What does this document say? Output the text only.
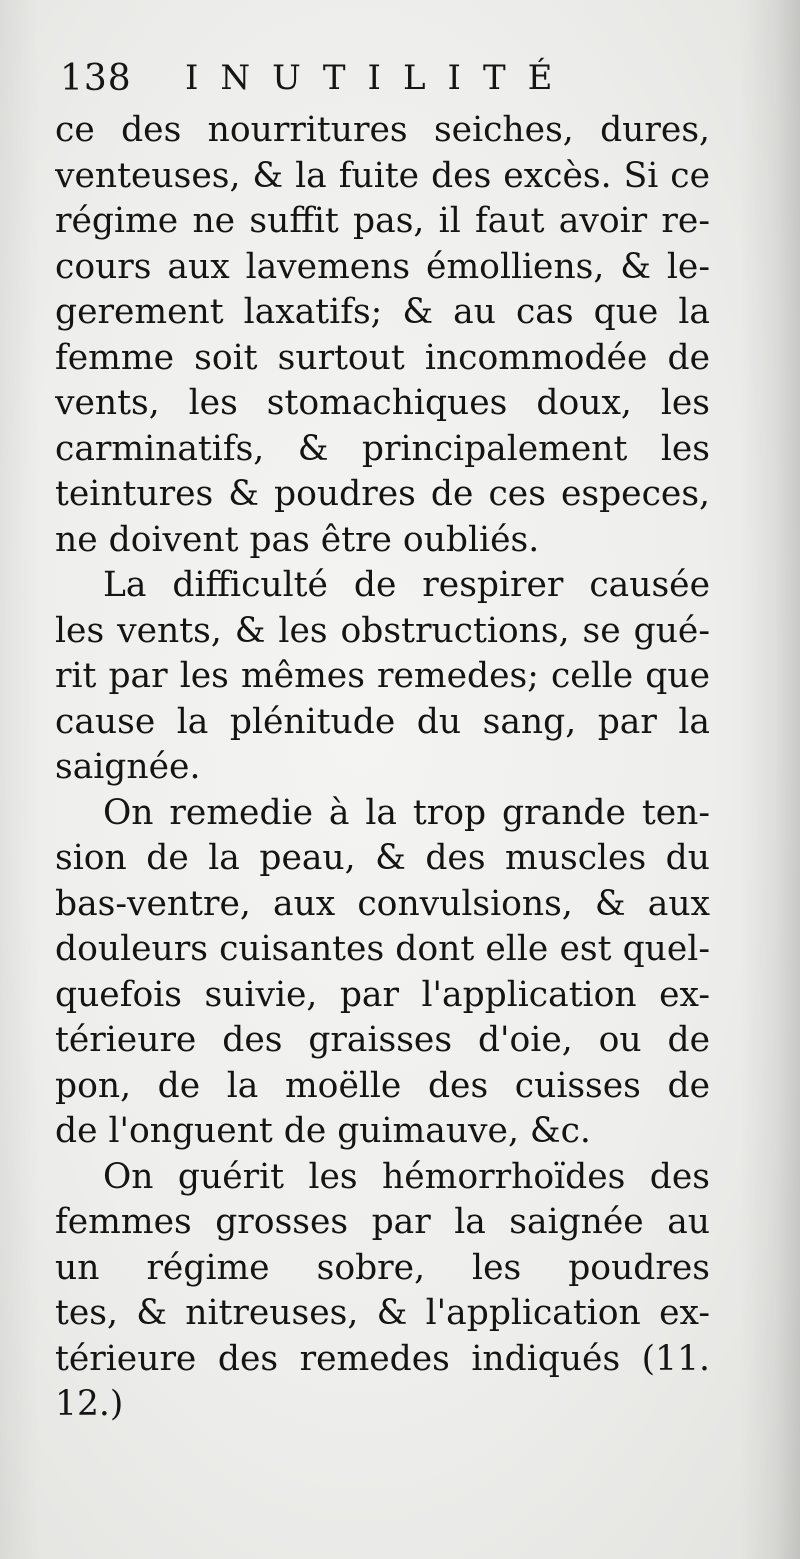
138 INUTILITÉ
ce des nourritures seiches, dures,
venteuses, & la fuite des excès. Si ce
régime ne suffit pas, il faut avoir re-
cours aux lavemens émolliens, & le-
gerement laxatifs; & au cas que la
femme soit surtout incommodée de
vents, les stomachiques doux, les
carminatifs, & principalement les
teintures & poudres de ces especes,
ne doivent pas être oubliés.
La difficulté de respirer causée
les vents, & les obstructions, se gué-
rit par les mêmes remedes; celle que
cause la plénitude du sang, par la
saignée.
On remedie à la trop grande ten-
sion de la peau, & des muscles du
bas-ventre, aux convulsions, & aux
douleurs cuisantes dont elle est quel-
quefois suivie, par l'application ex-
térieure des graisses d'oie, ou de
pon, de la moëlle des cuisses de
de l'onguent de guimauve, &c.
On guérit les hémorrhoïdes des
femmes grosses par la saignée au
un régime sobre, les poudres
tes, & nitreuses, & l'application ex-
térieure des remedes indiqués (11.
12.)
